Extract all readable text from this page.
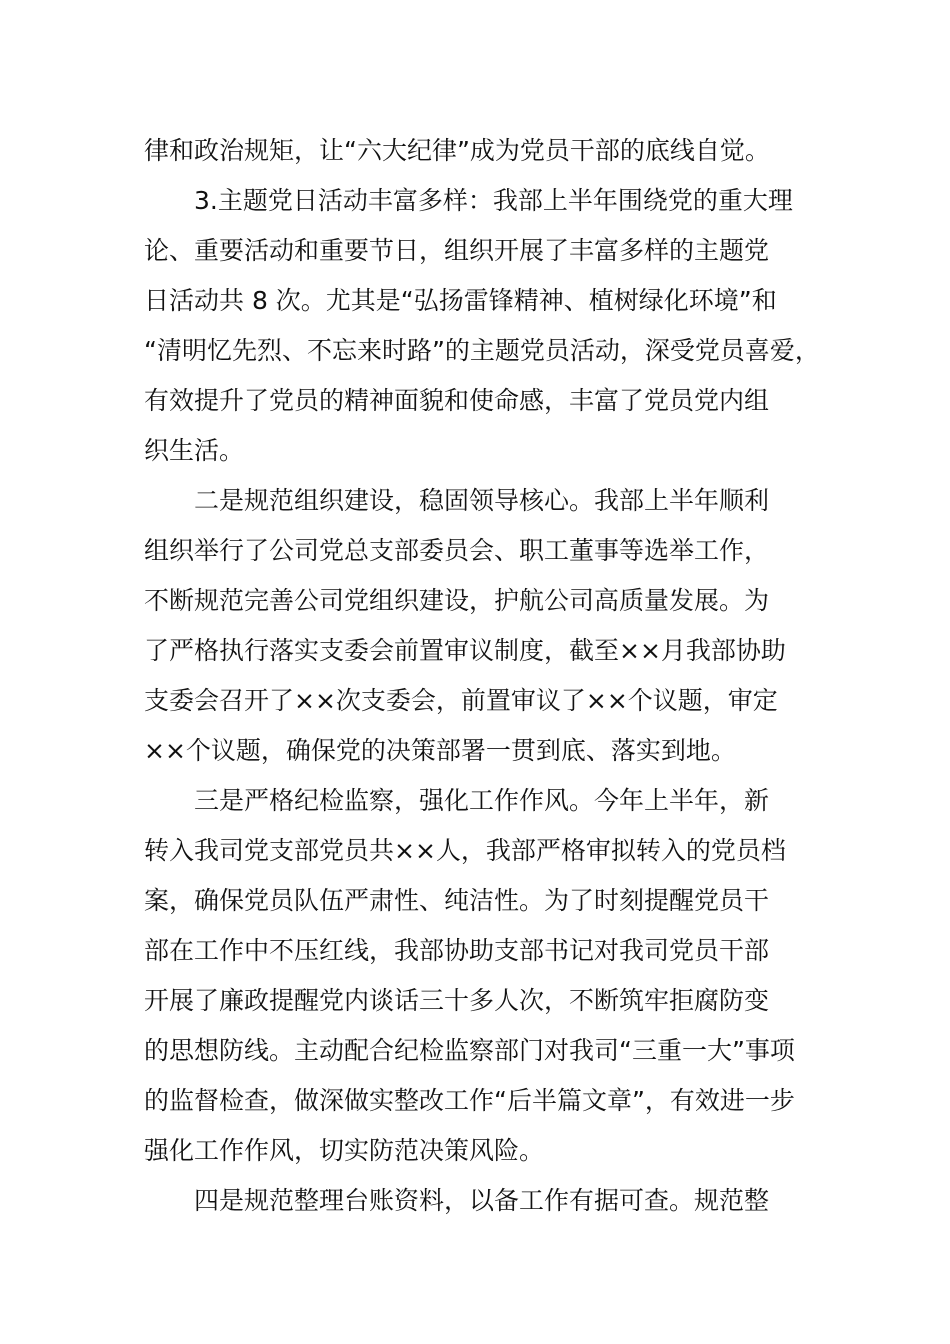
律和政治规矩，让“六大纪律”成为党员干部的底线自觉。
3.主题党日活动丰富多样：我部上半年围绕党的重大理
论、重要活动和重要节日，组织开展了丰富多样的主题党
日活动共 8 次。尤其是“弘扬雷锋精神、植树绿化环境”和
“清明忆先烈、不忘来时路”的主题党员活动，深受党员喜爱，
有效提升了党员的精神面貌和使命感，丰富了党员党内组
织生活。
二是规范组织建设，稳固领导核心。我部上半年顺利
组织举行了公司党总支部委员会、职工董事等选举工作，
不断规范完善公司党组织建设，护航公司高质量发展。为
了严格执行落实支委会前置审议制度，截至××月我部协助
支委会召开了××次支委会，前置审议了××个议题，审定
××个议题，确保党的决策部署一贯到底、落实到地。
三是严格纪检监察，强化工作作风。今年上半年，新
转入我司党支部党员共××人，我部严格审拟转入的党员档
案，确保党员队伍严肃性、纯洁性。为了时刻提醒党员干
部在工作中不压红线，我部协助支部书记对我司党员干部
开展了廉政提醒党内谈话三十多人次，不断筑牢拒腐防变
的思想防线。主动配合纪检监察部门对我司“三重一大”事项
的监督检查，做深做实整改工作“后半篇文章”，有效进一步
强化工作作风，切实防范决策风险。
四是规范整理台账资料，以备工作有据可查。规范整
